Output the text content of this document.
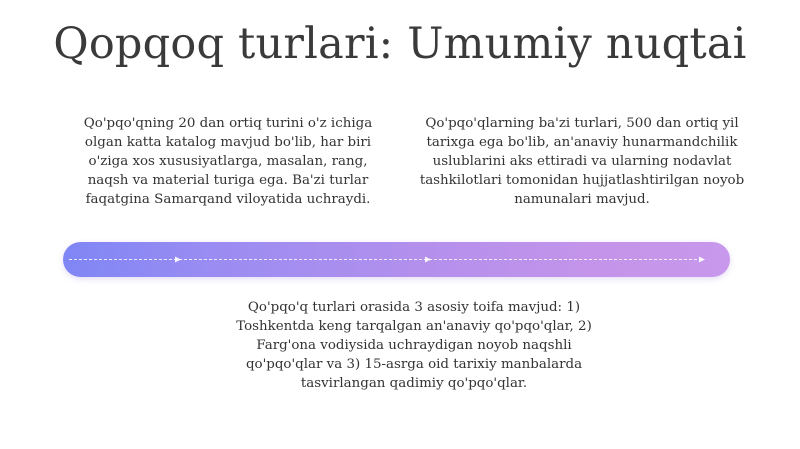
Qopqoq turlari: Umumiy nuqtai

Qo'pqo'qning 20 dan ortiq turini o'z ichiga olgan katta katalog mavjud bo'lib, har biri o'ziga xos xususiyatlarga, masalan, rang, naqsh va material turiga ega. Ba'zi turlar faqatgina Samarqand viloyatida uchraydi.

Qo'pqo'qlarning ba'zi turlari, 500 dan ortiq yil tarixga ega bo'lib, an'anaviy hunarmandchilik uslublarini aks ettiradi va ularning nodavlat tashkilotlari tomonidan hujjatlashtirilgan noyob namunalari mavjud.

Qo'pqo'q turlari orasida 3 asosiy toifa mavjud: 1) Toshkentda keng tarqalgan an'anaviy qo'pqo'qlar, 2) Farg'ona vodiysida uchraydigan noyob naqshli qo'pqo'qlar va 3) 15-asrga oid tarixiy manbalarda tasvirlangan qadimiy qo'pqo'qlar.
